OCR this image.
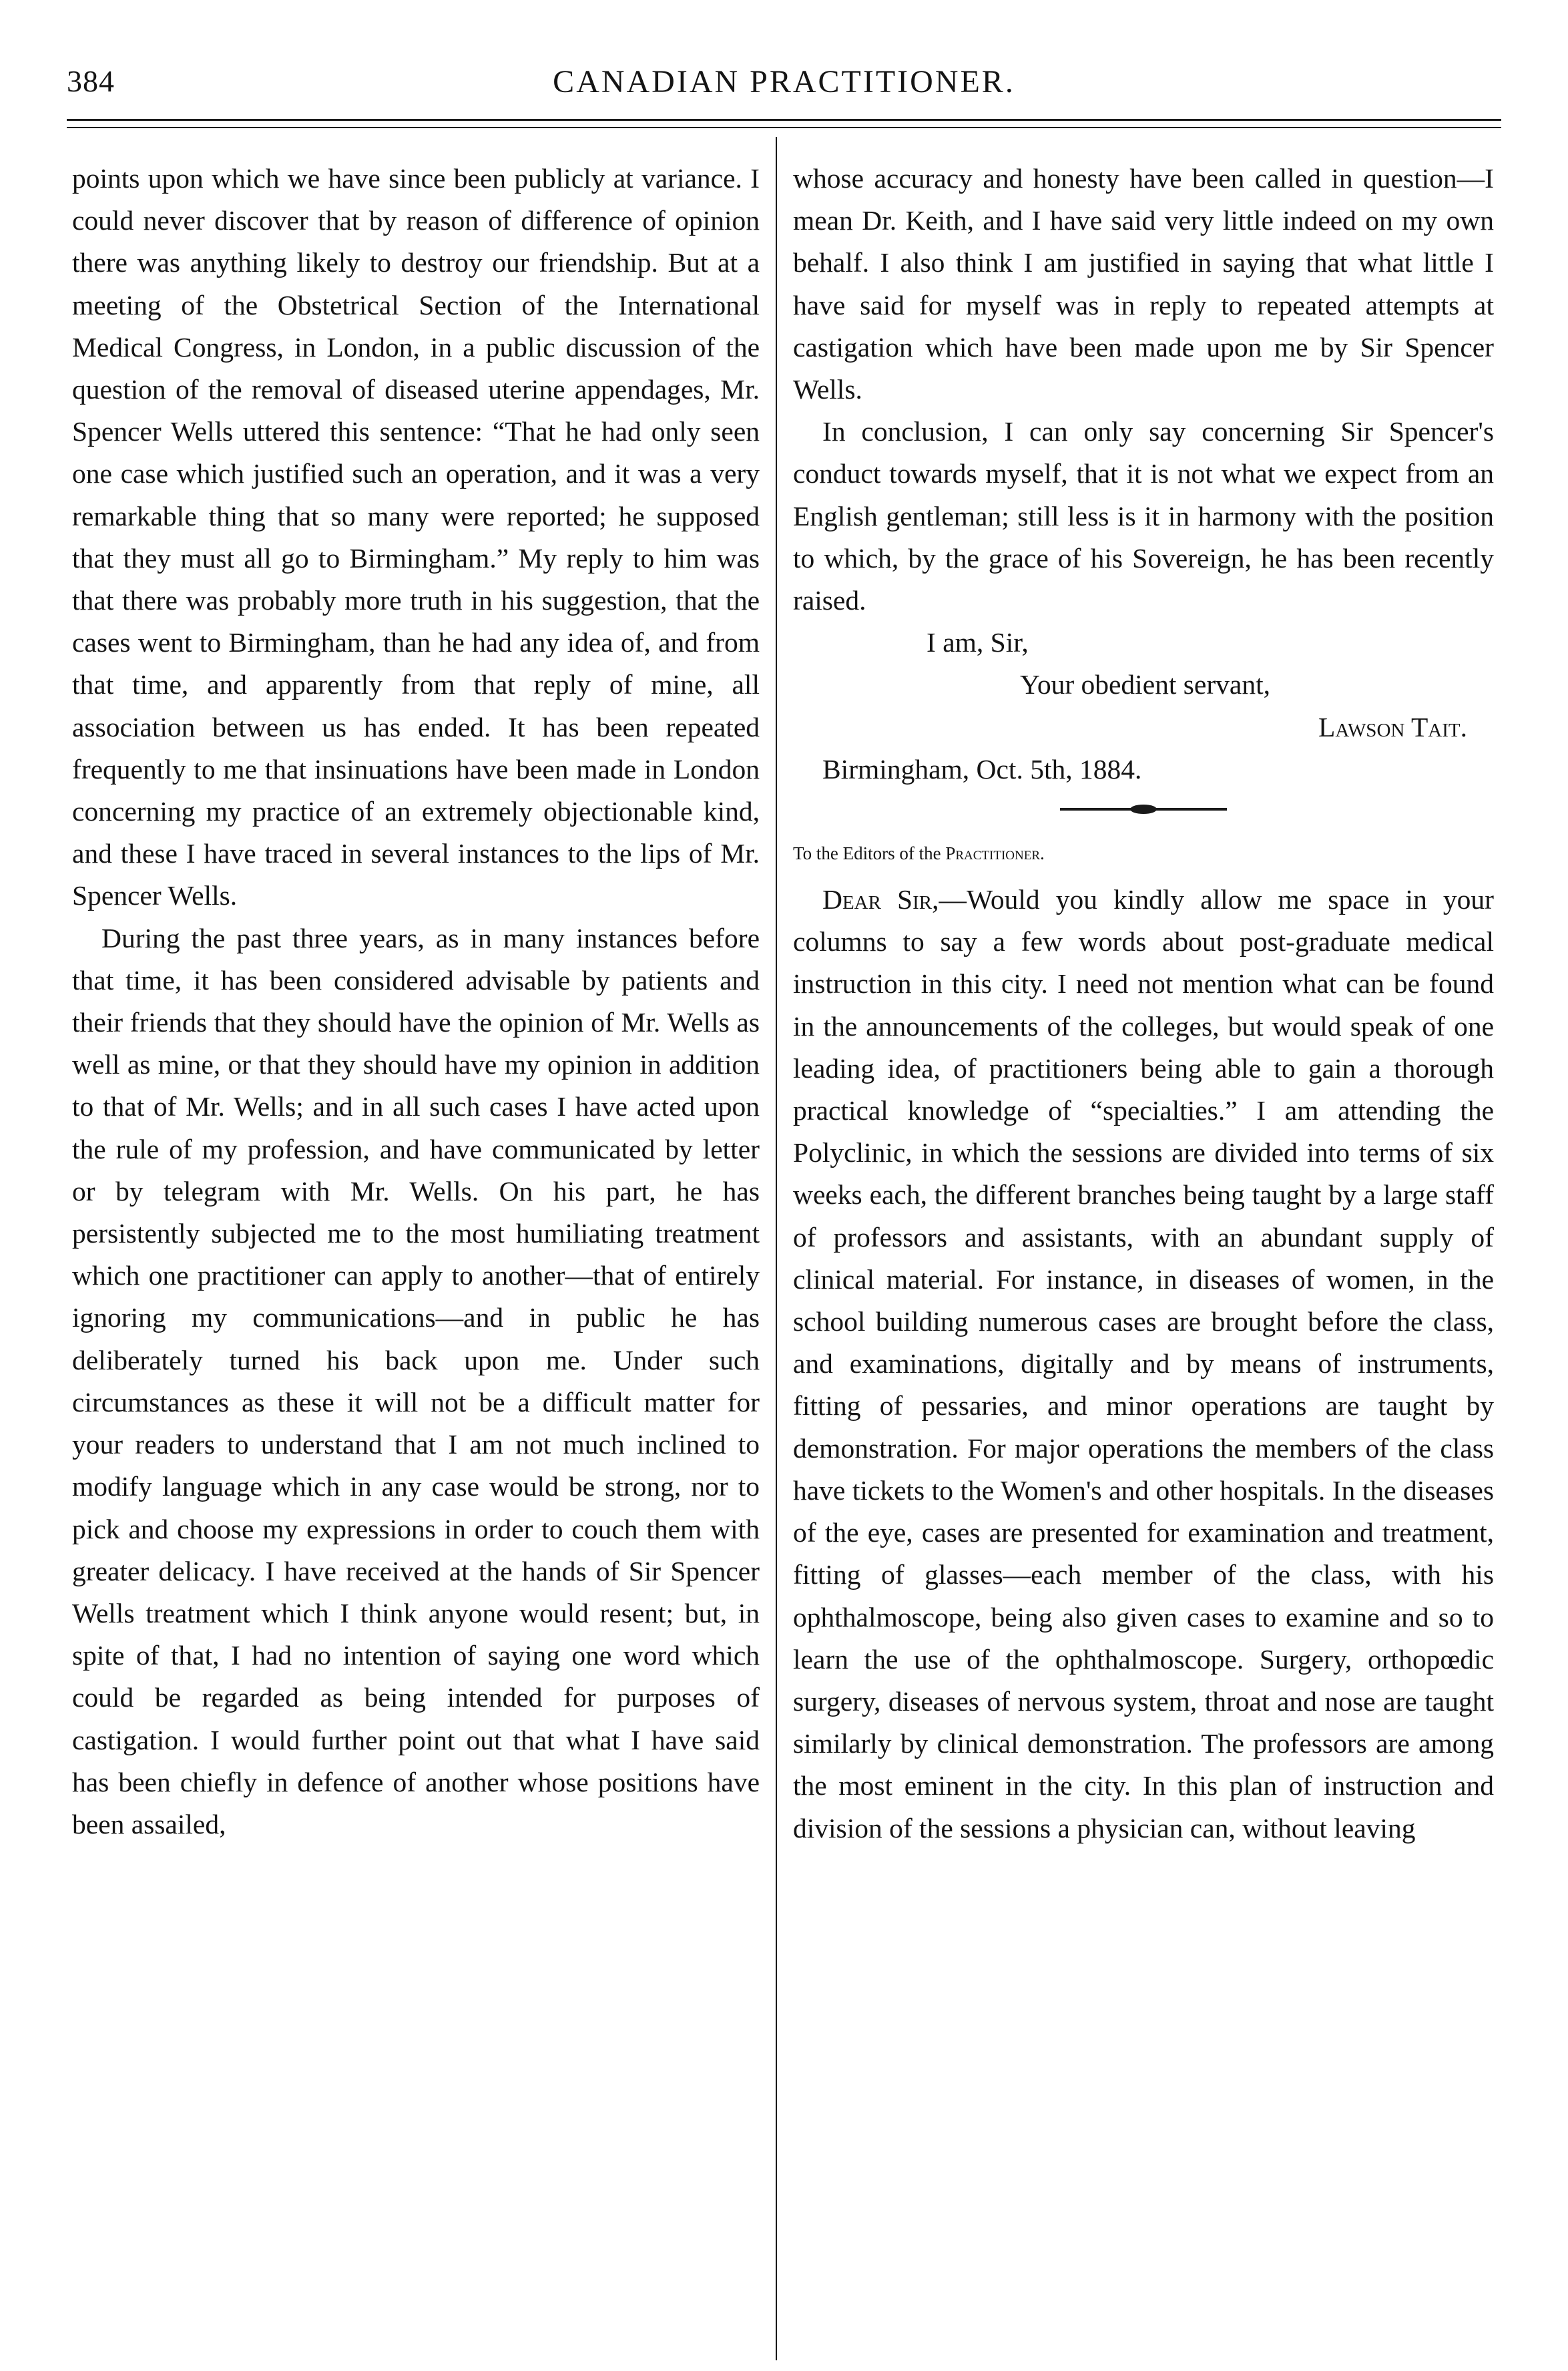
CANADIAN PRACTITIONER.
384

points upon which we have since been publicly at variance. I could never discover that by reason of difference of opinion there was anything likely to destroy our friendship. But at a meeting of the Obstetrical Section of the International Medical Congress, in London, in a public discussion of the question of the removal of diseased uterine appendages, Mr. Spencer Wells uttered this sentence: “That he had only seen one case which justified such an operation, and it was a very remarkable thing that so many were reported; he supposed that they must all go to Birmingham.” My reply to him was that there was probably more truth in his suggestion, that the cases went to Birmingham, than he had any idea of, and from that time, and apparently from that reply of mine, all association between us has ended. It has been repeated frequently to me that insinuations have been made in London concerning my practice of an extremely objectionable kind, and these I have traced in several instances to the lips of Mr. Spencer Wells.

During the past three years, as in many instances before that time, it has been considered advisable by patients and their friends that they should have the opinion of Mr. Wells as well as mine, or that they should have my opinion in addition to that of Mr. Wells; and in all such cases I have acted upon the rule of my profession, and have communicated by letter or by telegram with Mr. Wells. On his part, he has persistently subjected me to the most humiliating treatment which one practitioner can apply to another—that of entirely ignoring my communications—and in public he has deliberately turned his back upon me. Under such circumstances as these it will not be a difficult matter for your readers to understand that I am not much inclined to modify language which in any case would be strong, nor to pick and choose my expressions in order to couch them with greater delicacy. I have received at the hands of Sir Spencer Wells treatment which I think anyone would resent; but, in spite of that, I had no intention of saying one word which could be regarded as being intended for purposes of castigation. I would further point out that what I have said has been chiefly in defence of another whose positions have been assailed,

whose accuracy and honesty have been called in question—I mean Dr. Keith, and I have said very little indeed on my own behalf. I also think I am justified in saying that what little I have said for myself was in reply to repeated attempts at castigation which have been made upon me by Sir Spencer Wells.

In conclusion, I can only say concerning Sir Spencer's conduct towards myself, that it is not what we expect from an English gentleman; still less is it in harmony with the position to which, by the grace of his Sovereign, he has been recently raised.

I am, Sir,
Your obedient servant,
Lawson Tait.
Birmingham, Oct. 5th, 1884.
To the Editors of the Practitioner.

Dear Sir,—Would you kindly allow me space in your columns to say a few words about post-graduate medical instruction in this city. I need not mention what can be found in the announcements of the colleges, but would speak of one leading idea, of practitioners being able to gain a thorough practical knowledge of “specialties.” I am attending the Polyclinic, in which the sessions are divided into terms of six weeks each, the different branches being taught by a large staff of professors and assistants, with an abundant supply of clinical material. For instance, in diseases of women, in the school building numerous cases are brought before the class, and examinations, digitally and by means of instruments, fitting of pessaries, and minor operations are taught by demonstration. For major operations the members of the class have tickets to the Women's and other hospitals. In the diseases of the eye, cases are presented for examination and treatment, fitting of glasses—each member of the class, with his ophthalmoscope, being also given cases to examine and so to learn the use of the ophthalmoscope. Surgery, orthopœdic surgery, diseases of nervous system, throat and nose are taught similarly by clinical demonstration. The professors are among the most eminent in the city. In this plan of instruction and division of the sessions a physician can, without leaving
